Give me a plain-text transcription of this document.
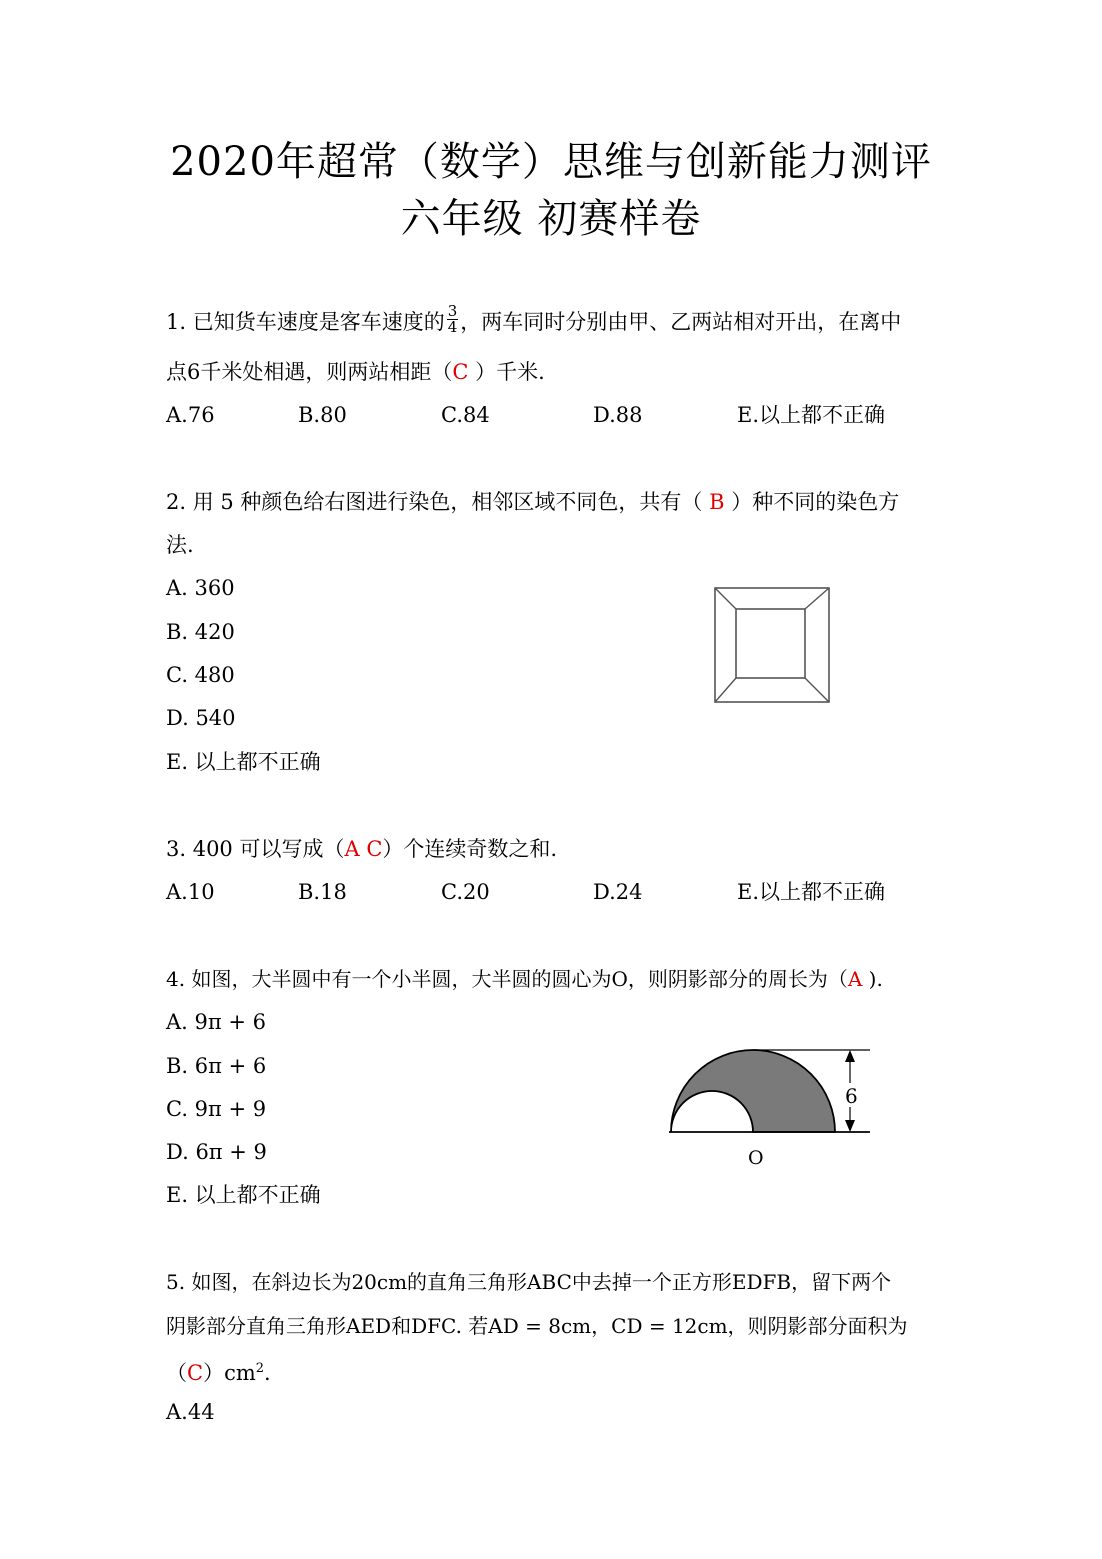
2020年超常（数学）思维与创新能力测评
六年级 初赛样卷
1. 已知货车速度是客车速度的 $\frac{3}{4}$ ，两车同时分别由甲、乙两站相对开出，在离中
点6千米处相遇，则两站相距（C ）千米.
A.76	B.80	C.84	D.88	E.以上都不正确
2. 用 5 种颜色给右图进行染色，相邻区域不同色，共有（ B ）种不同的染色方
法.
A. 360
B. 420
C. 480
D. 540
E. 以上都不正确
3. 400 可以写成（A C）个连续奇数之和.
A.10	B.18	C.20	D.24	E.以上都不正确
4. 如图，大半圆中有一个小半圆，大半圆的圆心为O，则阴影部分的周长为（A ).
A. 9π + 6
B. 6π + 6
C. 9π + 9
D. 6π + 9
E. 以上都不正确
6
O
5. 如图，在斜边长为20cm的直角三角形ABC中去掉一个正方形EDFB，留下两个
阴影部分直角三角形AED和DFC. 若AD = 8cm，CD = 12cm，则阴影部分面积为
$(C)cm^2$.
A.44
